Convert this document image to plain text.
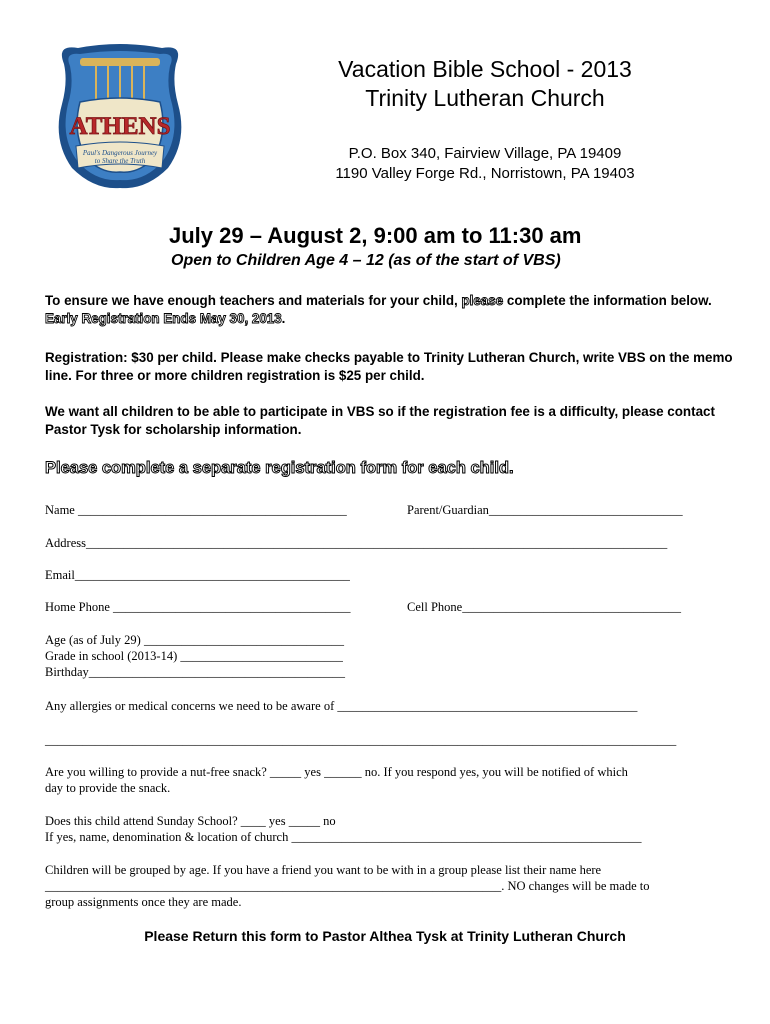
ATHENS
Paul's Dangerous Journey
to Share the Truth
Vacation Bible School - 2013
Trinity Lutheran Church
P.O. Box 340, Fairview Village, PA 19409
1190 Valley Forge Rd., Norristown, PA 19403
July 29 – August 2, 9:00 am to 11:30 am
Open to Children Age 4 – 12 (as of the start of VBS)
To ensure we have enough teachers and materials for your child, please complete the information below. Early Registration Ends May 30, 2013.
Registration: $30 per child. Please make checks payable to Trinity Lutheran Church, write VBS on the memo line. For three or more children registration is $25 per child.
We want all children to be able to participate in VBS so if the registration fee is a difficulty, please contact Pastor Tysk for scholarship information.
Please complete a separate registration form for each child.
Name ___________________________________________	Parent/Guardian_______________________________
Address_____________________________________________________________________________________________
Email____________________________________________
Home Phone ______________________________________	Cell Phone___________________________________
Age (as of July 29) ________________________________
Grade in school (2013-14) __________________________
Birthday_________________________________________
Any allergies or medical concerns we need to be aware of ________________________________________________
_____________________________________________________________________________________________________
Are you willing to provide a nut-free snack? _____ yes ______ no. If you respond yes, you will be notified of which
day to provide the snack.
Does this child attend Sunday School? ____ yes _____ no
If yes, name, denomination & location of church ________________________________________________________
Children will be grouped by age. If you have a friend you want to be with in a group please list their name here
_________________________________________________________________________. NO changes will be made to
group assignments once they are made.
Please Return this form to Pastor Althea Tysk at Trinity Lutheran Church
